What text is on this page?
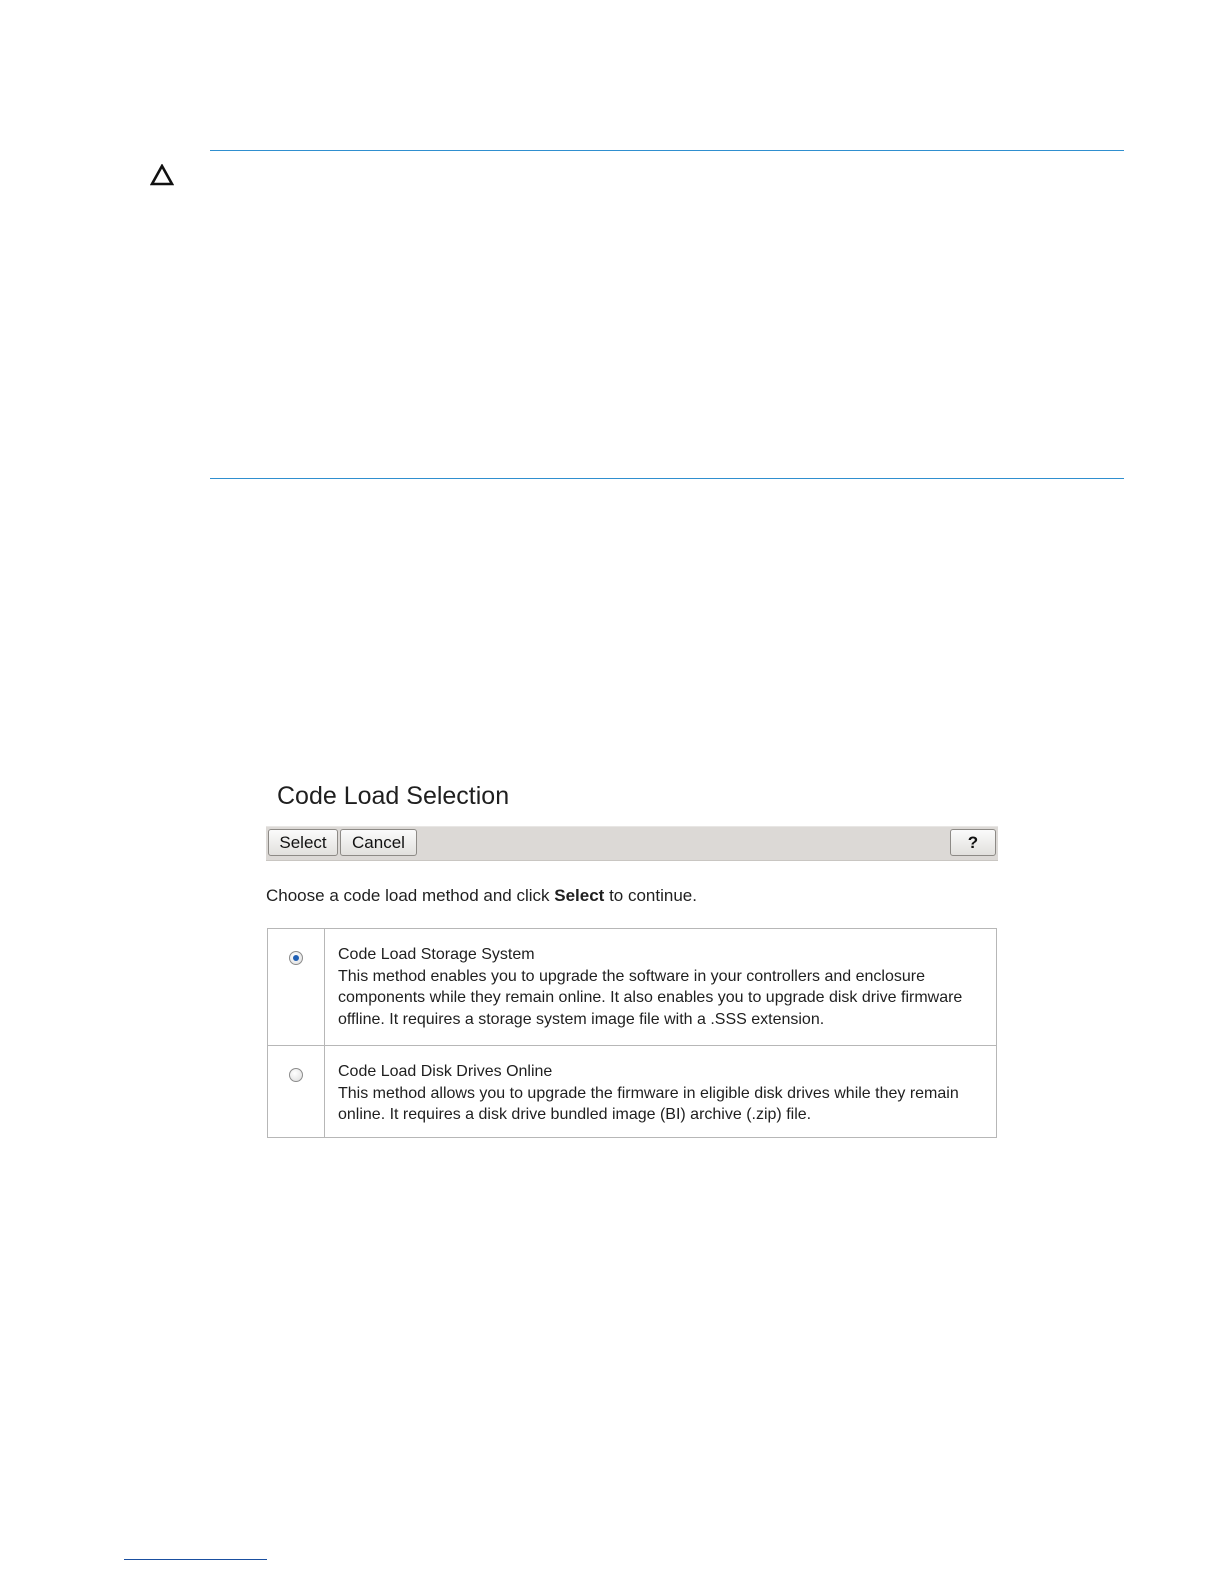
Code Load Selection
Select	Cancel	?
Choose a code load method and click Select to continue.
Code Load Storage System
This method enables you to upgrade the software in your controllers and enclosure components while they remain online. It also enables you to upgrade disk drive firmware offline. It requires a storage system image file with a .SSS extension.
Code Load Disk Drives Online
This method allows you to upgrade the firmware in eligible disk drives while they remain online. It requires a disk drive bundled image (BI) archive (.zip) file.
